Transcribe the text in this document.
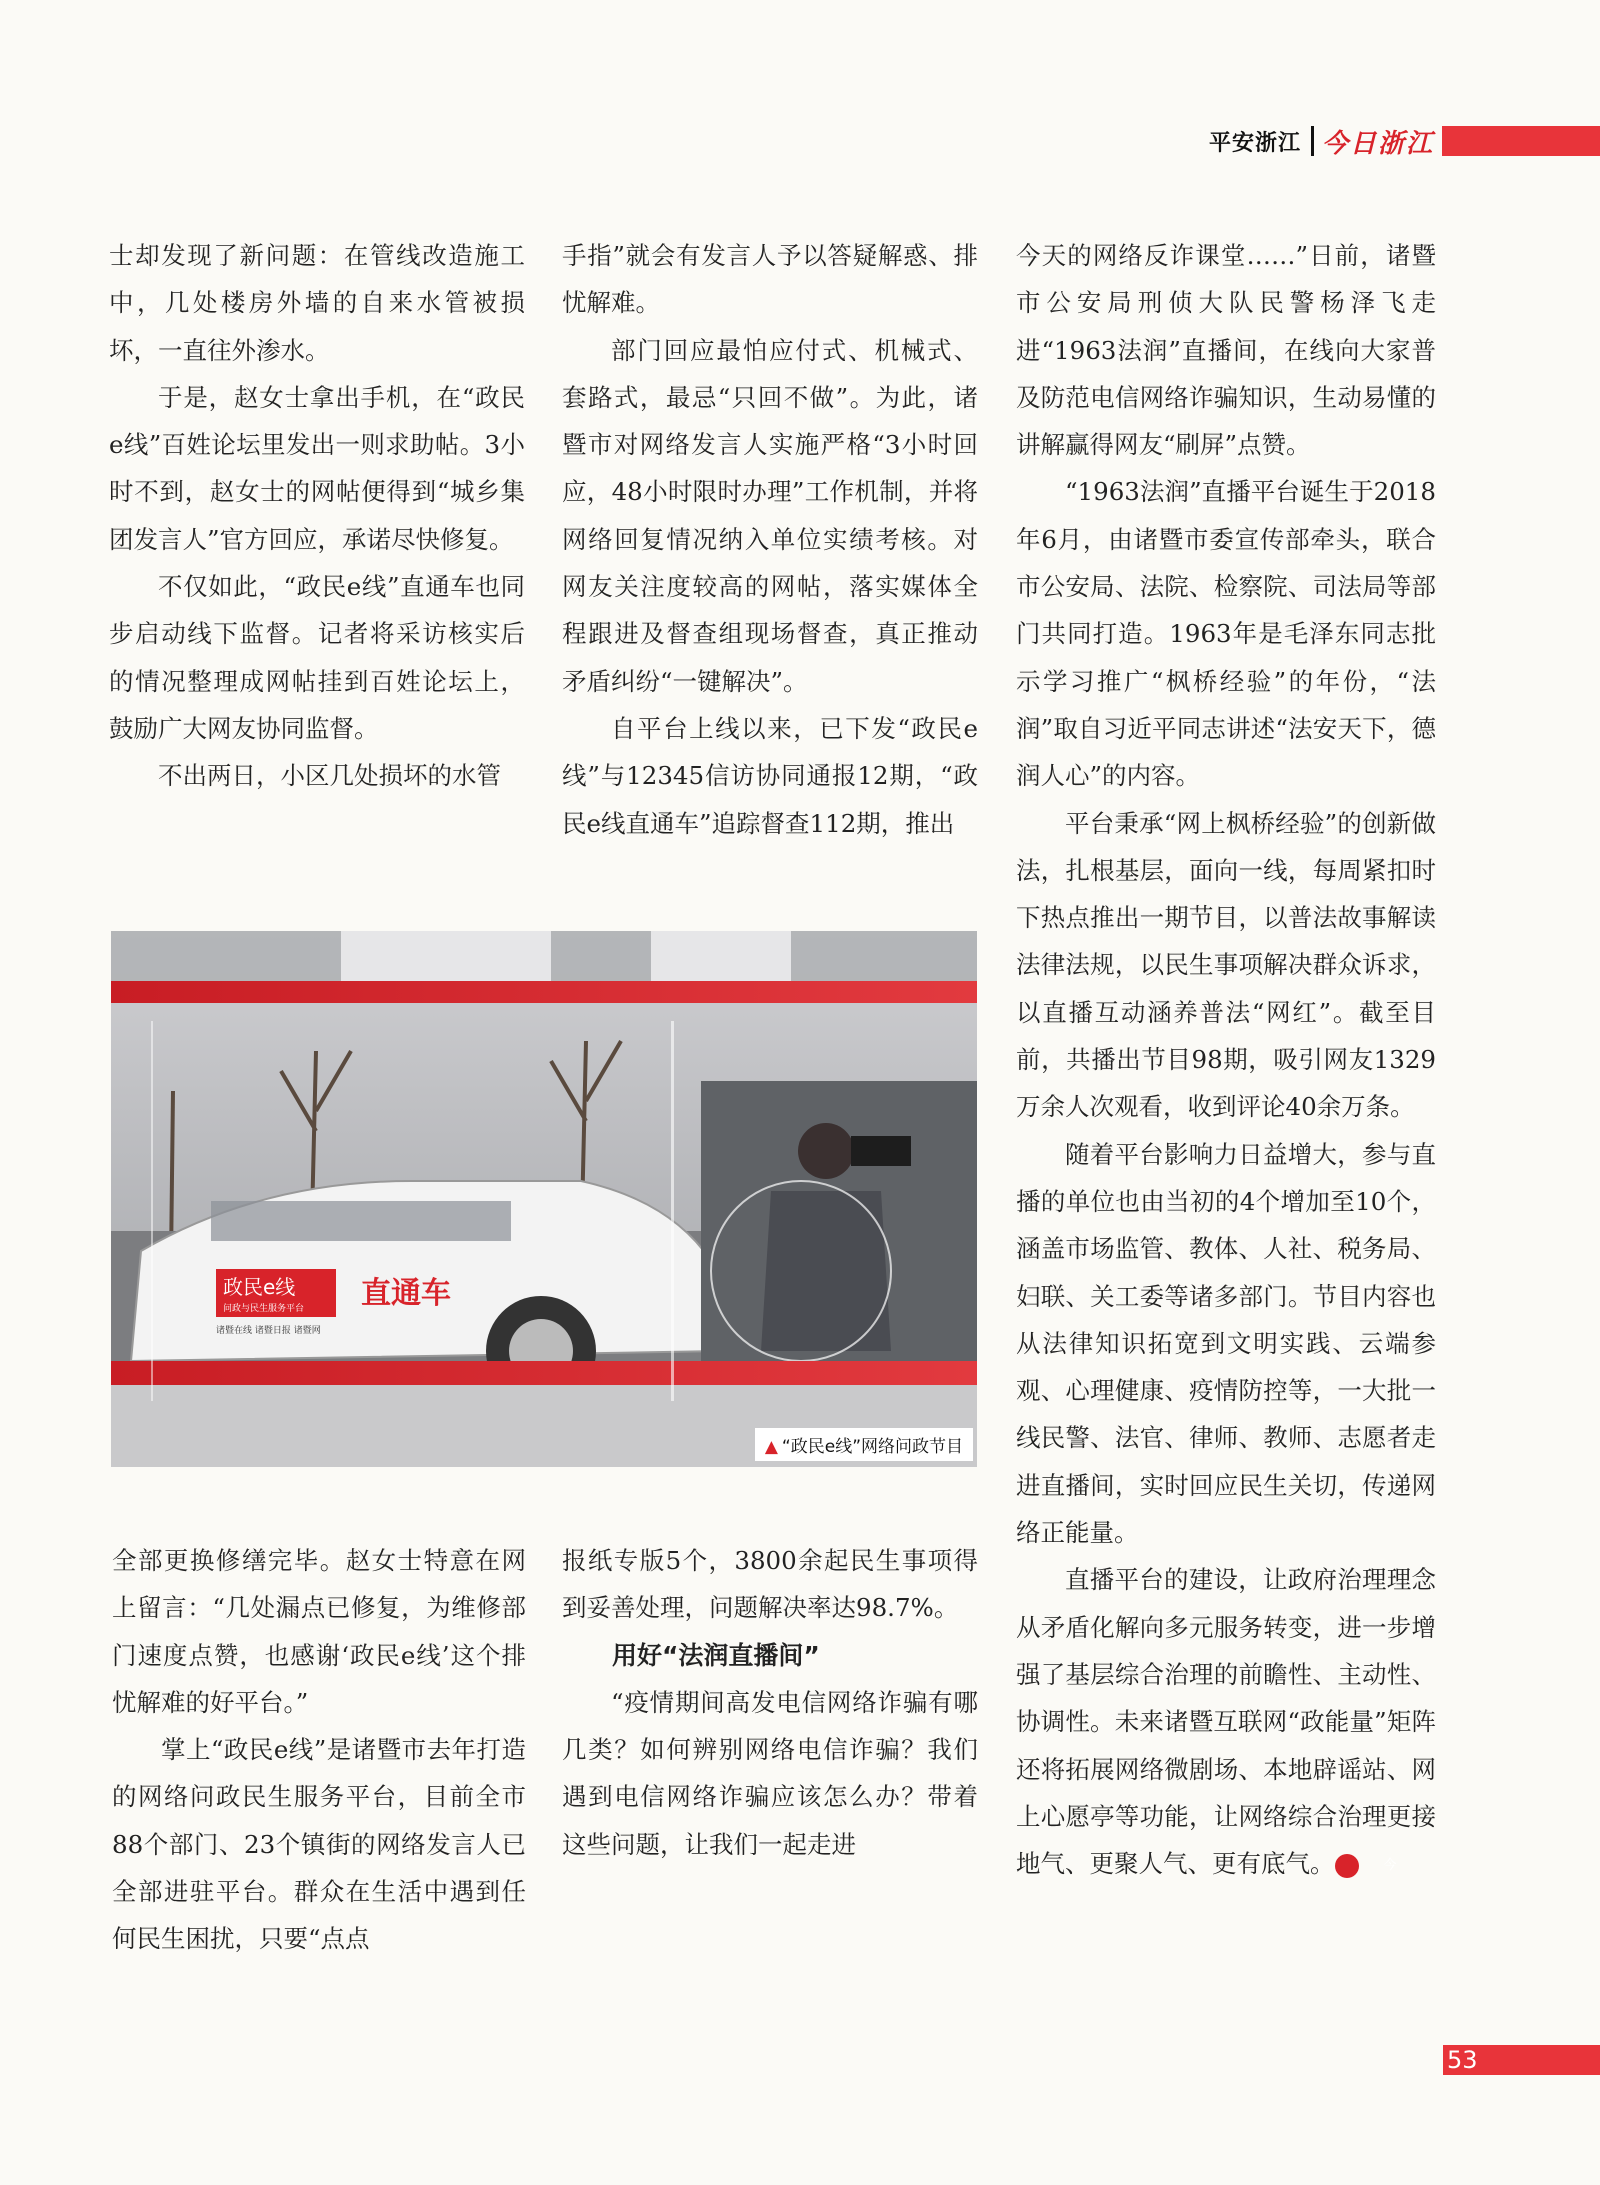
平安浙江 今日浙江

士却发现了新问题：在管线改造施工中，几处楼房外墙的自来水管被损坏，一直往外渗水。

于是，赵女士拿出手机，在“政民e线”百姓论坛里发出一则求助帖。3小时不到，赵女士的网帖便得到“城乡集团发言人”官方回应，承诺尽快修复。

不仅如此，“政民e线”直通车也同步启动线下监督。记者将采访核实后的情况整理成网帖挂到百姓论坛上，鼓励广大网友协同监督。

不出两日，小区几处损坏的水管

手指”就会有发言人予以答疑解惑、排忧解难。

部门回应最怕应付式、机械式、套路式，最忌“只回不做”。为此，诸暨市对网络发言人实施严格“3小时回应，48小时限时办理”工作机制，并将网络回复情况纳入单位实绩考核。对网友关注度较高的网帖，落实媒体全程跟进及督查组现场督查，真正推动矛盾纠纷“一键解决”。

自平台上线以来，已下发“政民e线”与12345信访协同通报12期，“政民e线直通车”追踪督查112期，推出

今天的网络反诈课堂……”日前，诸暨市公安局刑侦大队民警杨泽飞走进“1963法润”直播间，在线向大家普及防范电信网络诈骗知识，生动易懂的讲解赢得网友“刷屏”点赞。

“1963法润”直播平台诞生于2018年6月，由诸暨市委宣传部牵头，联合市公安局、法院、检察院、司法局等部门共同打造。1963年是毛泽东同志批示学习推广“枫桥经验”的年份，“法润”取自习近平同志讲述“法安天下，德润人心”的内容。

平台秉承“网上枫桥经验”的创新做法，扎根基层，面向一线，每周紧扣时下热点推出一期节目，以普法故事解读法律法规，以民生事项解决群众诉求，以直播互动涵养普法“网红”。截至目前，共播出节目98期，吸引网友1329万余人次观看，收到评论40余万条。

随着平台影响力日益增大，参与直播的单位也由当初的4个增加至10个，涵盖市场监管、教体、人社、税务局、妇联、关工委等诸多部门。节目内容也从法律知识拓宽到文明实践、云端参观、心理健康、疫情防控等，一大批一线民警、法官、律师、教师、志愿者走进直播间，实时回应民生关切，传递网络正能量。

直播平台的建设，让政府治理理念从矛盾化解向多元服务转变，进一步增强了基层综合治理的前瞻性、主动性、协调性。未来诸暨互联网“政能量”矩阵还将拓展网络微剧场、本地辟谣站、网上心愿亭等功能，让网络综合治理更接地气、更聚人气、更有底气。	今

政民e线
问政与民生服务平台
诸暨在线 诸暨日报 诸暨网
直通车
▲ “政民e线”网络问政节目

全部更换修缮完毕。赵女士特意在网上留言：“几处漏点已修复，为维修部门速度点赞，也感谢‘政民e线’这个排忧解难的好平台。”

掌上“政民e线”是诸暨市去年打造的网络问政民生服务平台，目前全市88个部门、23个镇街的网络发言人已全部进驻平台。群众在生活中遇到任何民生困扰，只要“点点

报纸专版5个，3800余起民生事项得到妥善处理，问题解决率达98.7%。

用好“法润直播间”

“疫情期间高发电信网络诈骗有哪几类？如何辨别网络电信诈骗？我们遇到电信网络诈骗应该怎么办？带着这些问题，让我们一起走进

53
